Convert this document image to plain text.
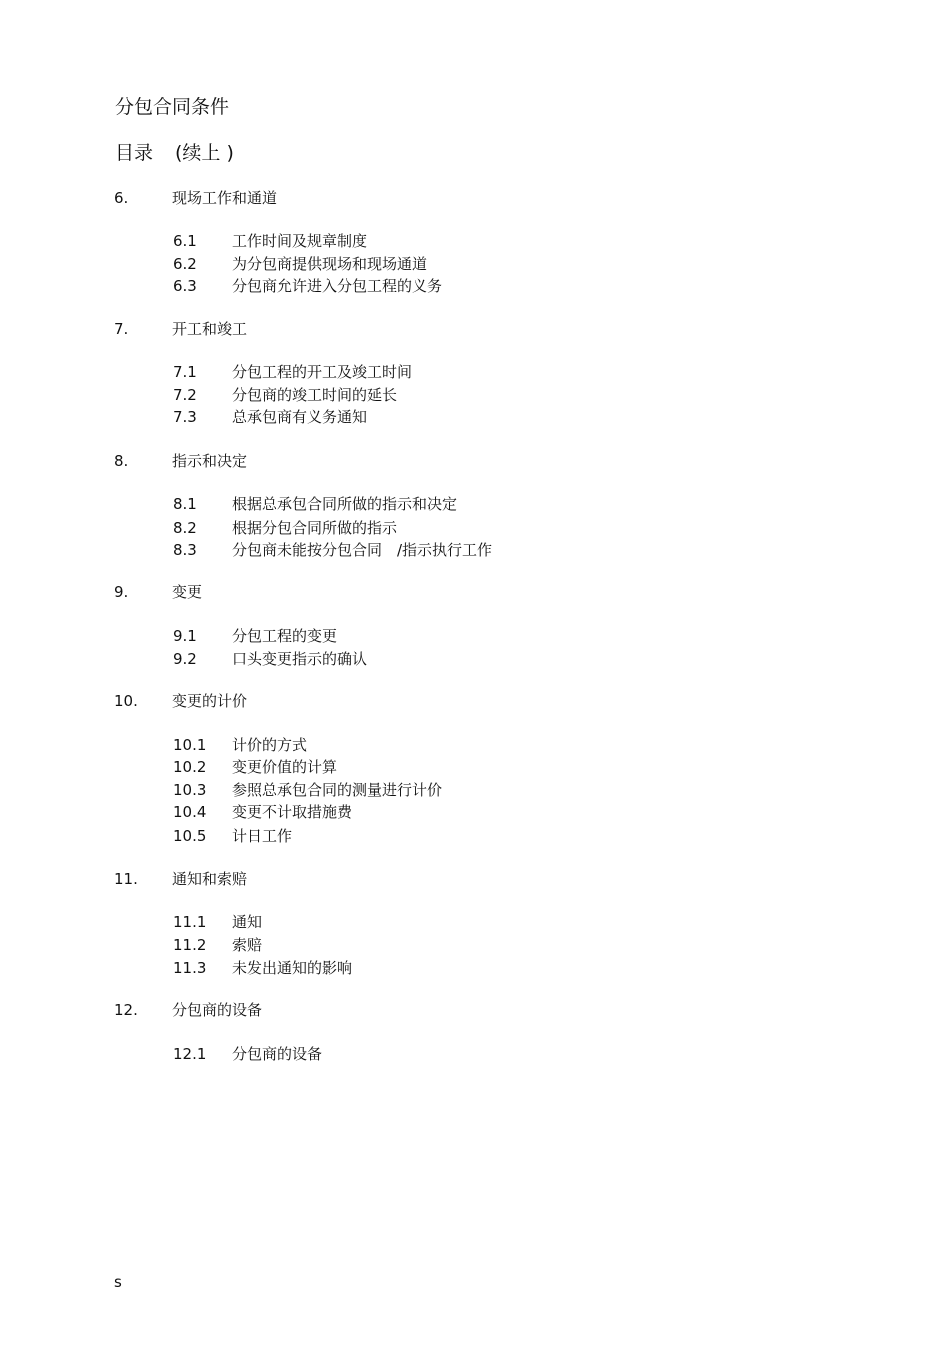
分包合同条件
目录 (续上 )
6.	现场工作和通道
6.1 工作时间及规章制度
6.2 为分包商提供现场和现场通道
6.3 分包商允许进入分包工程的义务
7.	开工和竣工
7.1 分包工程的开工及竣工时间
7.2 分包商的竣工时间的延长
7.3 总承包商有义务通知
8.	指示和决定
8.1 根据总承包合同所做的指示和决定
8.2 根据分包合同所做的指示
8.3 分包商未能按分包合同　/指示执行工作
9.	变更
9.1 分包工程的变更
9.2 口头变更指示的确认
10. 变更的计价
10.1 计价的方式
10.2 变更价值的计算
10.3 参照总承包合同的测量进行计价
10.4 变更不计取措施费
10.5 计日工作
11. 通知和索赔
11.1 通知
11.2 索赔
11.3 未发出通知的影响
12. 分包商的设备
12.1 分包商的设备
s
